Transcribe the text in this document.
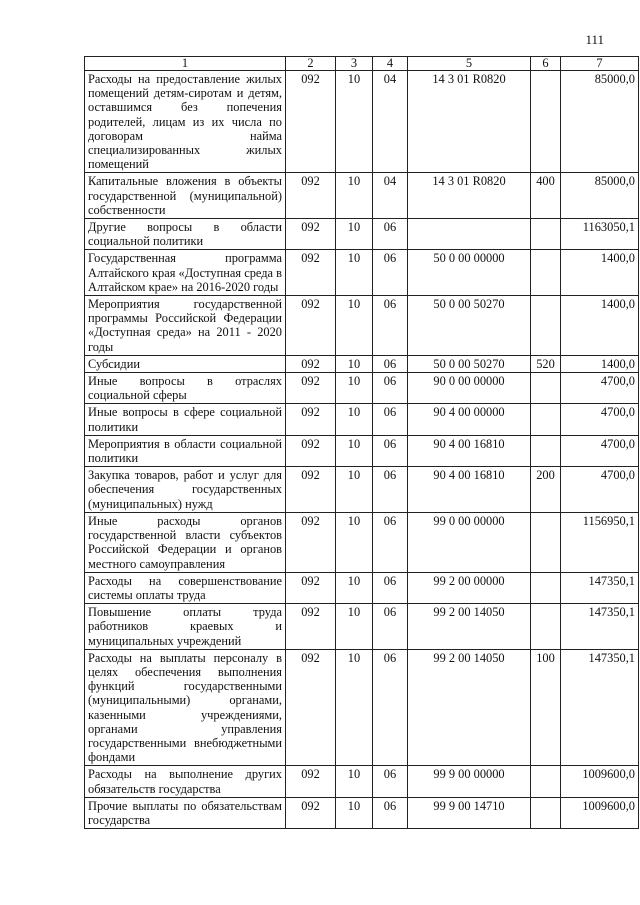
111
1	2	3	4	5	6	7
Расходы на предоставление жилых помещений детям-сиротам и детям, оставшимся без попечения родителей, лицам из их числа по договорам найма специализированных жилых помещений	092	10	04	14 3 01 R0820		85000,0
Капитальные вложения в объекты государственной (муниципальной) собственности	092	10	04	14 3 01 R0820	400	85000,0
Другие вопросы в области социальной политики	092	10	06			1163050,1
Государственная программа Алтайского края «Доступная среда в Алтайском крае» на 2016-2020 годы	092	10	06	50 0 00 00000		1400,0
Мероприятия государственной программы Российской Федерации «Доступная среда» на 2011 - 2020 годы	092	10	06	50 0 00 50270		1400,0
Субсидии	092	10	06	50 0 00 50270	520	1400,0
Иные вопросы в отраслях социальной сферы	092	10	06	90 0 00 00000		4700,0
Иные вопросы в сфере социальной политики	092	10	06	90 4 00 00000		4700,0
Мероприятия в области социальной политики	092	10	06	90 4 00 16810		4700,0
Закупка товаров, работ и услуг для обеспечения государственных (муниципальных) нужд	092	10	06	90 4 00 16810	200	4700,0
Иные расходы органов государственной власти субъектов Российской Федерации и органов местного самоуправления	092	10	06	99 0 00 00000		1156950,1
Расходы на совершенствование системы оплаты труда	092	10	06	99 2 00 00000		147350,1
Повышение оплаты труда работников краевых и муниципальных учреждений	092	10	06	99 2 00 14050		147350,1
Расходы на выплаты персоналу в целях обеспечения выполнения функций государственными (муниципальными) органами, казенными учреждениями, органами управления государственными внебюджетными фондами	092	10	06	99 2 00 14050	100	147350,1
Расходы на выполнение других обязательств государства	092	10	06	99 9 00 00000		1009600,0
Прочие выплаты по обязательствам государства	092	10	06	99 9 00 14710		1009600,0
